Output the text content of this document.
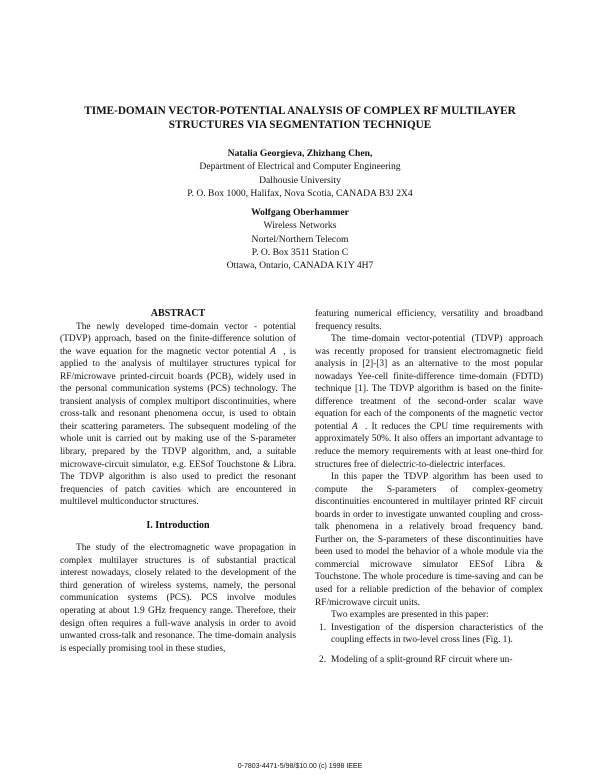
TIME-DOMAIN VECTOR-POTENTIAL ANALYSIS OF COMPLEX RF MULTILAYER
STRUCTURES VIA SEGMENTATION TECHNIQUE
Natalia Georgieva, Zhizhang Chen,
Department of Electrical and Computer Engineering
Dalhousie University
P. O. Box 1000, Halifax, Nova Scotia, CANADA B3J 2X4
Wolfgang Oberhammer
Wireless Networks
Nortel/Northern Telecom
P. O. Box 3511 Station C
Ottawa, Ontario, CANADA K1Y 4H7

ABSTRACT

The newly developed time-domain vector - potential (TDVP) approach, based on the finite-difference solution of the wave equation for the magnetic vector potential A⃗, is applied to the analysis of multilayer structures typical for RF/microwave printed-circuit boards (PCB), widely used in the personal communication systems (PCS) technology. The transient analysis of complex multiport discontinuities, where cross-talk and resonant phenomena occur, is used to obtain their scattering parameters. The subsequent modeling of the whole unit is carried out by making use of the S-parameter library, prepared by the TDVP algorithm, and, a suitable microwave-circuit simulator, e.g. EESof Touchstone & Libra. The TDVP algorithm is also used to predict the resonant frequencies of patch cavities which are encountered in multilevel multiconductor structures.

I. Introduction

The study of the electromagnetic wave propagation in complex multilayer structures is of substantial practical interest nowadays, closely related to the development of the third generation of wireless systems, namely, the personal communication systems (PCS). PCS involve modules operating at about 1.9 GHz frequency range. Therefore, their design often requires a full-wave analysis in order to avoid unwanted cross-talk and resonance. The time-domain analysis is especially promising tool in these studies,

featuring numerical efficiency, versatility and broadband frequency results.

The time-domain vector-potential (TDVP) approach was recently proposed for transient electromagnetic field analysis in [2]-[3] as an alternative to the most popular nowadays Yee-cell finite-difference time-domain (FDTD) technique [1]. The TDVP algorithm is based on the finite-difference treatment of the second-order scalar wave equation for each of the components of the magnetic vector potential A⃗. It reduces the CPU time requirements with approximately 50%. It also offers an important advantage to reduce the memory requirements with at least one-third for structures free of dielectric-to-dielectric interfaces.

In this paper the TDVP algorithm has been used to compute the S-parameters of complex-geometry discontinuities encountered in multilayer printed RF circuit boards in order to investigate unwanted coupling and cross-talk phenomena in a relatively broad frequency band. Further on, the S-parameters of these discontinuities have been used to model the behavior of a whole module via the commercial microwave simulator EESof Libra & Touchstone. The whole procedure is time-saving and can be used for a reliable prediction of the behavior of complex RF/microwave circuit units.

Two examples are presented in this paper:

1. Investigation of the dispersion characteristics of the coupling effects in two-level cross lines (Fig. 1).
2. Modeling of a split-ground RF circuit where un-
0-7803-4471-5/98/$10.00 (c) 1998 IEEE
